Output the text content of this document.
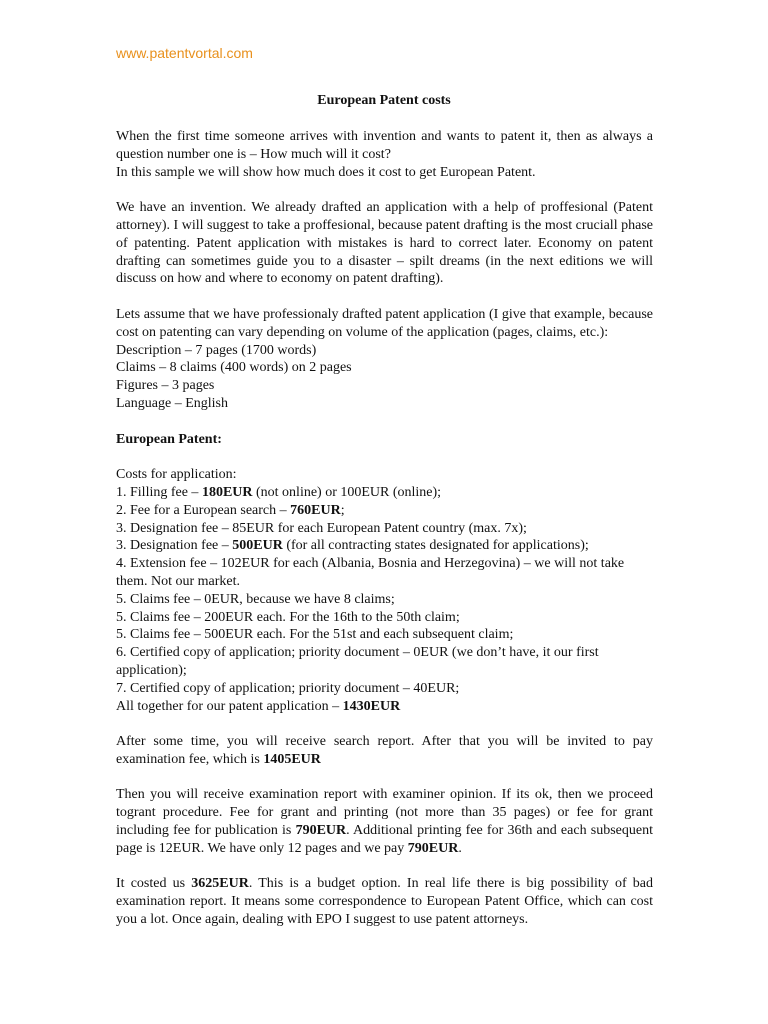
www.patentvortal.com
European Patent costs

When the first time someone arrives with invention and wants to patent it, then as always a question number one is – How much will it cost?
In this sample we will show how much does it cost to get European Patent.

We have an invention. We already drafted an application with a help of proffesional (Patent attorney). I will suggest to take a proffesional, because patent drafting is the most cruciall phase of patenting. Patent application with mistakes is hard to correct later. Economy on patent drafting can sometimes guide you to a disaster – spilt dreams (in the next editions we will discuss on how and where to economy on patent drafting).

Lets assume that we have professionaly drafted patent application (I give that example, because cost on patenting can vary depending on volume of the application (pages, claims, etc.):
Description – 7 pages (1700 words)
Claims – 8 claims (400 words) on 2 pages
Figures – 3 pages
Language – English

European Patent:

Costs for application:
1. Filling fee – 180EUR (not online) or 100EUR (online);
2. Fee for a European search – 760EUR;
3. Designation fee – 85EUR for each European Patent country (max. 7x);
3. Designation fee – 500EUR (for all contracting states designated for applications);
4. Extension fee – 102EUR for each (Albania, Bosnia and Herzegovina) – we will not take them. Not our market.
5. Claims fee – 0EUR, because we have 8 claims;
5. Claims fee – 200EUR each. For the 16th to the 50th claim;
5. Claims fee – 500EUR each. For the 51st and each subsequent claim;
6. Certified copy of application; priority document – 0EUR (we don’t have, it our first application);
7. Certified copy of application; priority document – 40EUR;
All together for our patent application – 1430EUR

After some time, you will receive search report. After that you will be invited to pay examination fee, which is 1405EUR

Then you will receive examination report with examiner opinion. If its ok, then we proceed togrant procedure. Fee for grant and printing (not more than 35 pages) or fee for grant including fee for publication is 790EUR. Additional printing fee for 36th and each subsequent page is 12EUR. We have only 12 pages and we pay 790EUR.

It costed us 3625EUR. This is a budget option. In real life there is big possibility of bad examination report. It means some correspondence to European Patent Office, which can cost you a lot. Once again, dealing with EPO I suggest to use patent attorneys.
